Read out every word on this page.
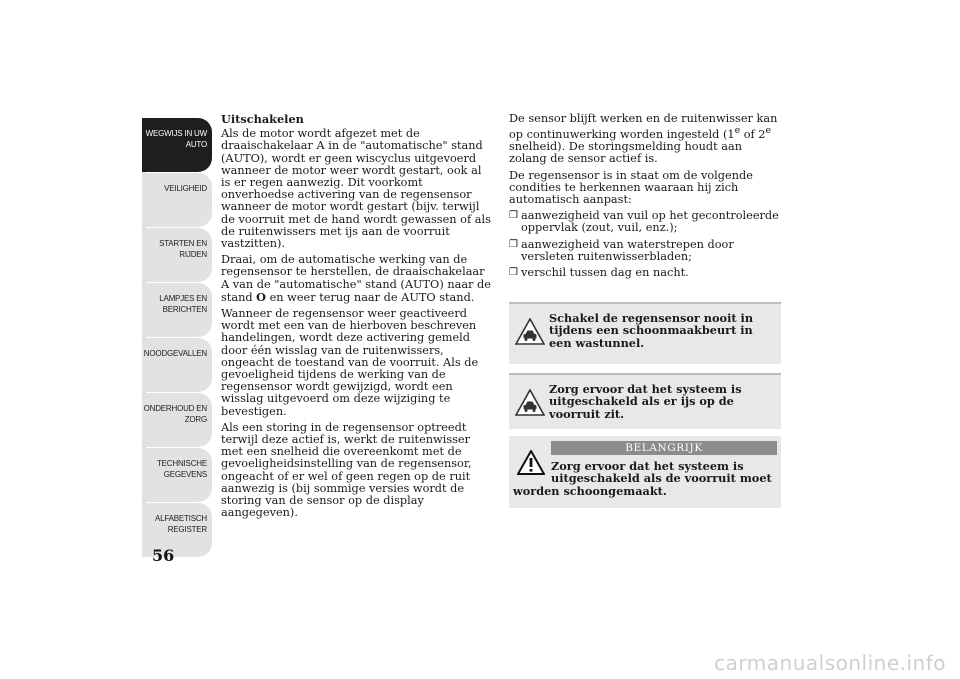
WEGWIJS IN UW AUTO
VEILIGHEID
STARTEN EN RIJDEN
LAMPJES EN BERICHTEN
NOODGEVALLEN
ONDERHOUD EN ZORG
TECHNISCHE GEGEVENS
ALFABETISCH REGISTER
56
Uitschakelen

Als de motor wordt afgezet met de draaischakelaar A in de "automatische" stand (AUTO), wordt er geen wiscyclus uitgevoerd wanneer de motor weer wordt gestart, ook al is er regen aanwezig. Dit voorkomt onverhoedse activering van de regensensor wanneer de motor wordt gestart (bijv. terwijl de voorruit met de hand wordt gewassen of als de ruitenwissers met ijs aan de voorruit vastzitten).

Draai, om de automatische werking van de regensensor te herstellen, de draaischakelaar A van de "automatische" stand (AUTO) naar de stand O en weer terug naar de AUTO stand.

Wanneer de regensensor weer geactiveerd wordt met een van de hierboven beschreven handelingen, wordt deze activering gemeld door één wisslag van de ruitenwissers, ongeacht de toestand van de voorruit. Als de gevoeligheid tijdens de werking van de regensensor wordt gewijzigd, wordt een wisslag uitgevoerd om deze wijziging te bevestigen.

Als een storing in de regensensor optreedt terwijl deze actief is, werkt de ruitenwisser met een snelheid die overeenkomt met de gevoeligheidsinstelling van de regensensor, ongeacht of er wel of geen regen op de ruit aanwezig is (bij sommige versies wordt de storing van de sensor op de display aangegeven).

De sensor blijft werken en de ruitenwisser kan op continuwerking worden ingesteld (1e of 2e snelheid). De storingsmelding houdt aan zolang de sensor actief is.

De regensensor is in staat om de volgende condities te herkennen waaraan hij zich automatisch aanpast:

❒ aanwezigheid van vuil op het gecontroleerde oppervlak (zout, vuil, enz.);
❒ aanwezigheid van waterstrepen door versleten ruitenwisserbladen;
❒ verschil tussen dag en nacht.
Schakel de regensensor nooit in tijdens een schoonmaakbeurt in een wastunnel.
Zorg ervoor dat het systeem is uitgeschakeld als er ijs op de voorruit zit.
BELANGRIJK
Zorg ervoor dat het systeem is uitgeschakeld als de voorruit moet
worden schoongemaakt.
carmanualsonline.info
